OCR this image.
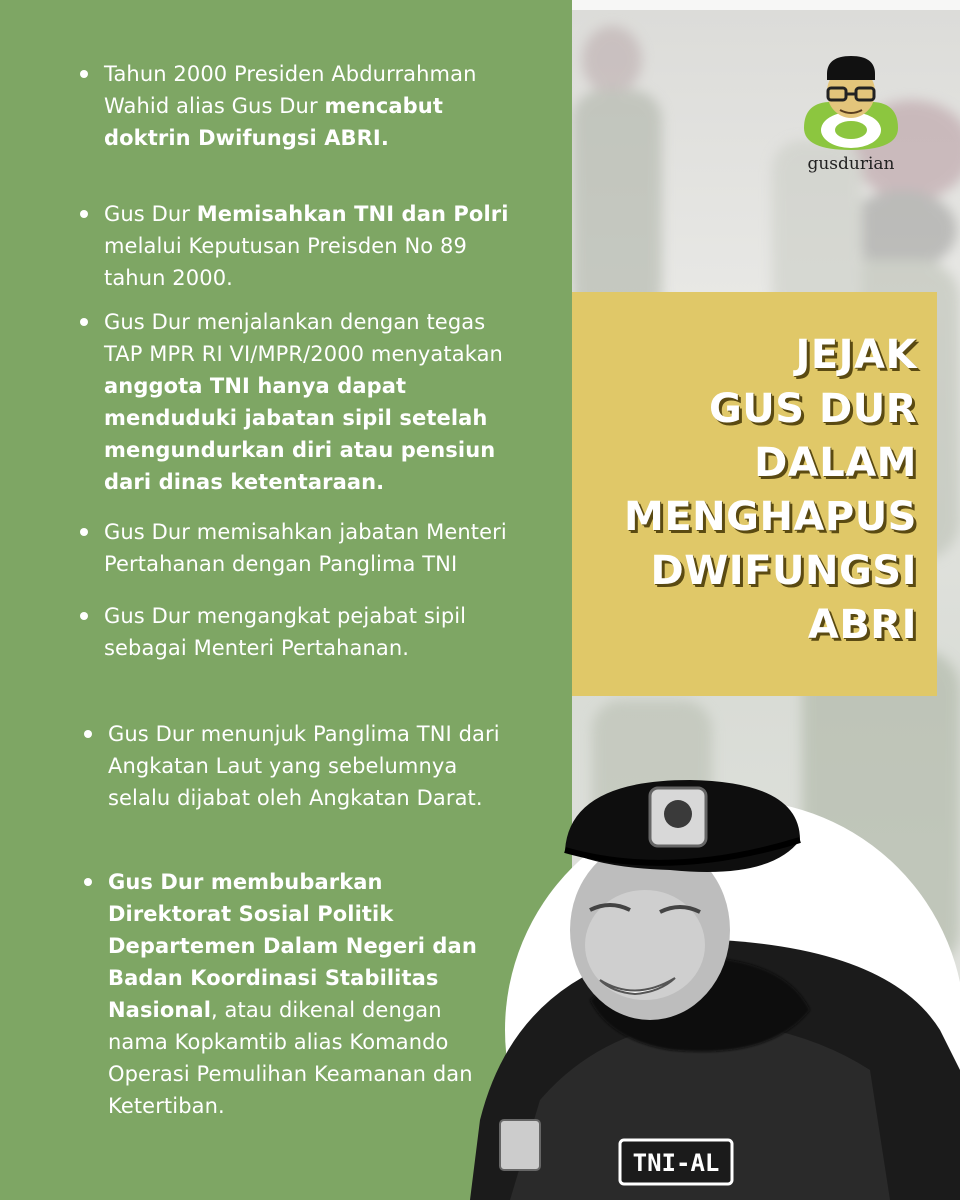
gusdurian
Tahun 2000 Presiden Abdurrahman Wahid alias Gus Dur mencabut doktrin Dwifungsi ABRI.
Gus Dur Memisahkan TNI dan Polri melalui Keputusan Preisden No 89 tahun 2000.
Gus Dur menjalankan dengan tegas TAP MPR RI VI/MPR/2000 menyatakan anggota TNI hanya dapat menduduki jabatan sipil setelah mengundurkan diri atau pensiun dari dinas ketentaraan.
Gus Dur memisahkan jabatan Menteri Pertahanan dengan Panglima TNI
Gus Dur mengangkat pejabat sipil sebagai Menteri Pertahanan.
Gus Dur menunjuk Panglima TNI dari Angkatan Laut yang sebelumnya selalu dijabat oleh Angkatan Darat.
Gus Dur membubarkan Direktorat Sosial Politik Departemen Dalam Negeri dan Badan Koordinasi Stabilitas Nasional, atau dikenal dengan nama Kopkamtib alias Komando Operasi Pemulihan Keamanan dan Ketertiban.
JEJAK
GUS DUR
DALAM
MENGHAPUS
DWIFUNGSI
ABRI
TNI-AL
